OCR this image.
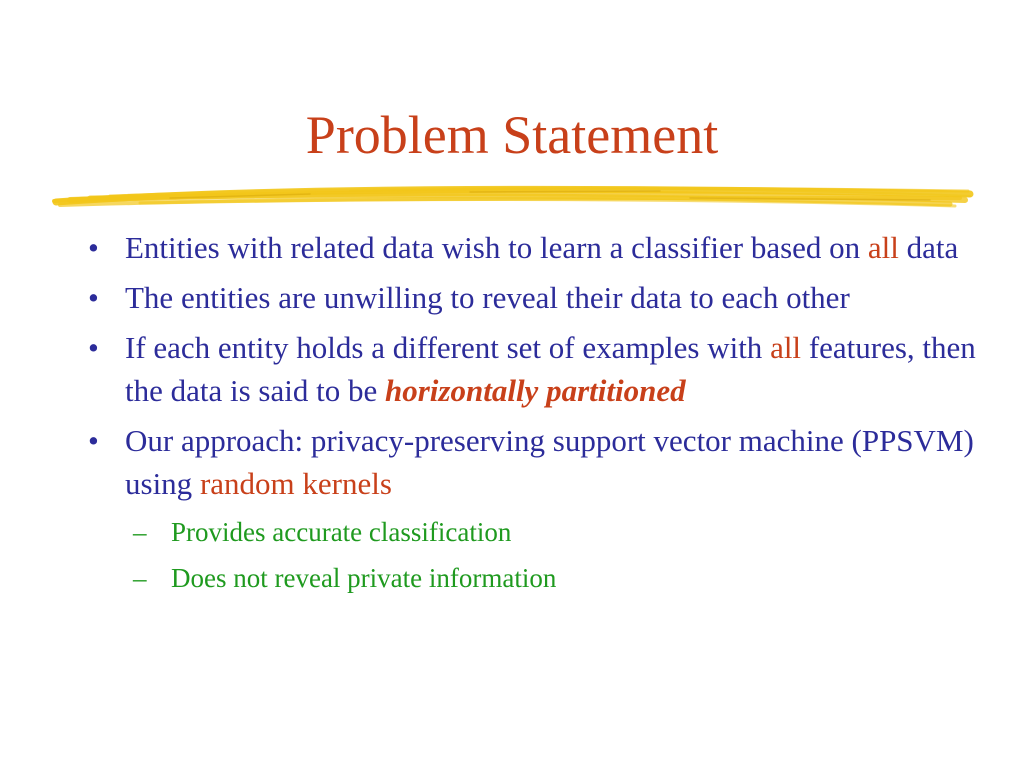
Problem Statement
• Entities with related data wish to learn a classifier based on all data
• The entities are unwilling to reveal their data to each other
• If each entity holds a different set of examples with all features, then the data is said to be horizontally partitioned
• Our approach: privacy-preserving support vector machine (PPSVM) using random kernels
– Provides accurate classification
– Does not reveal private information
